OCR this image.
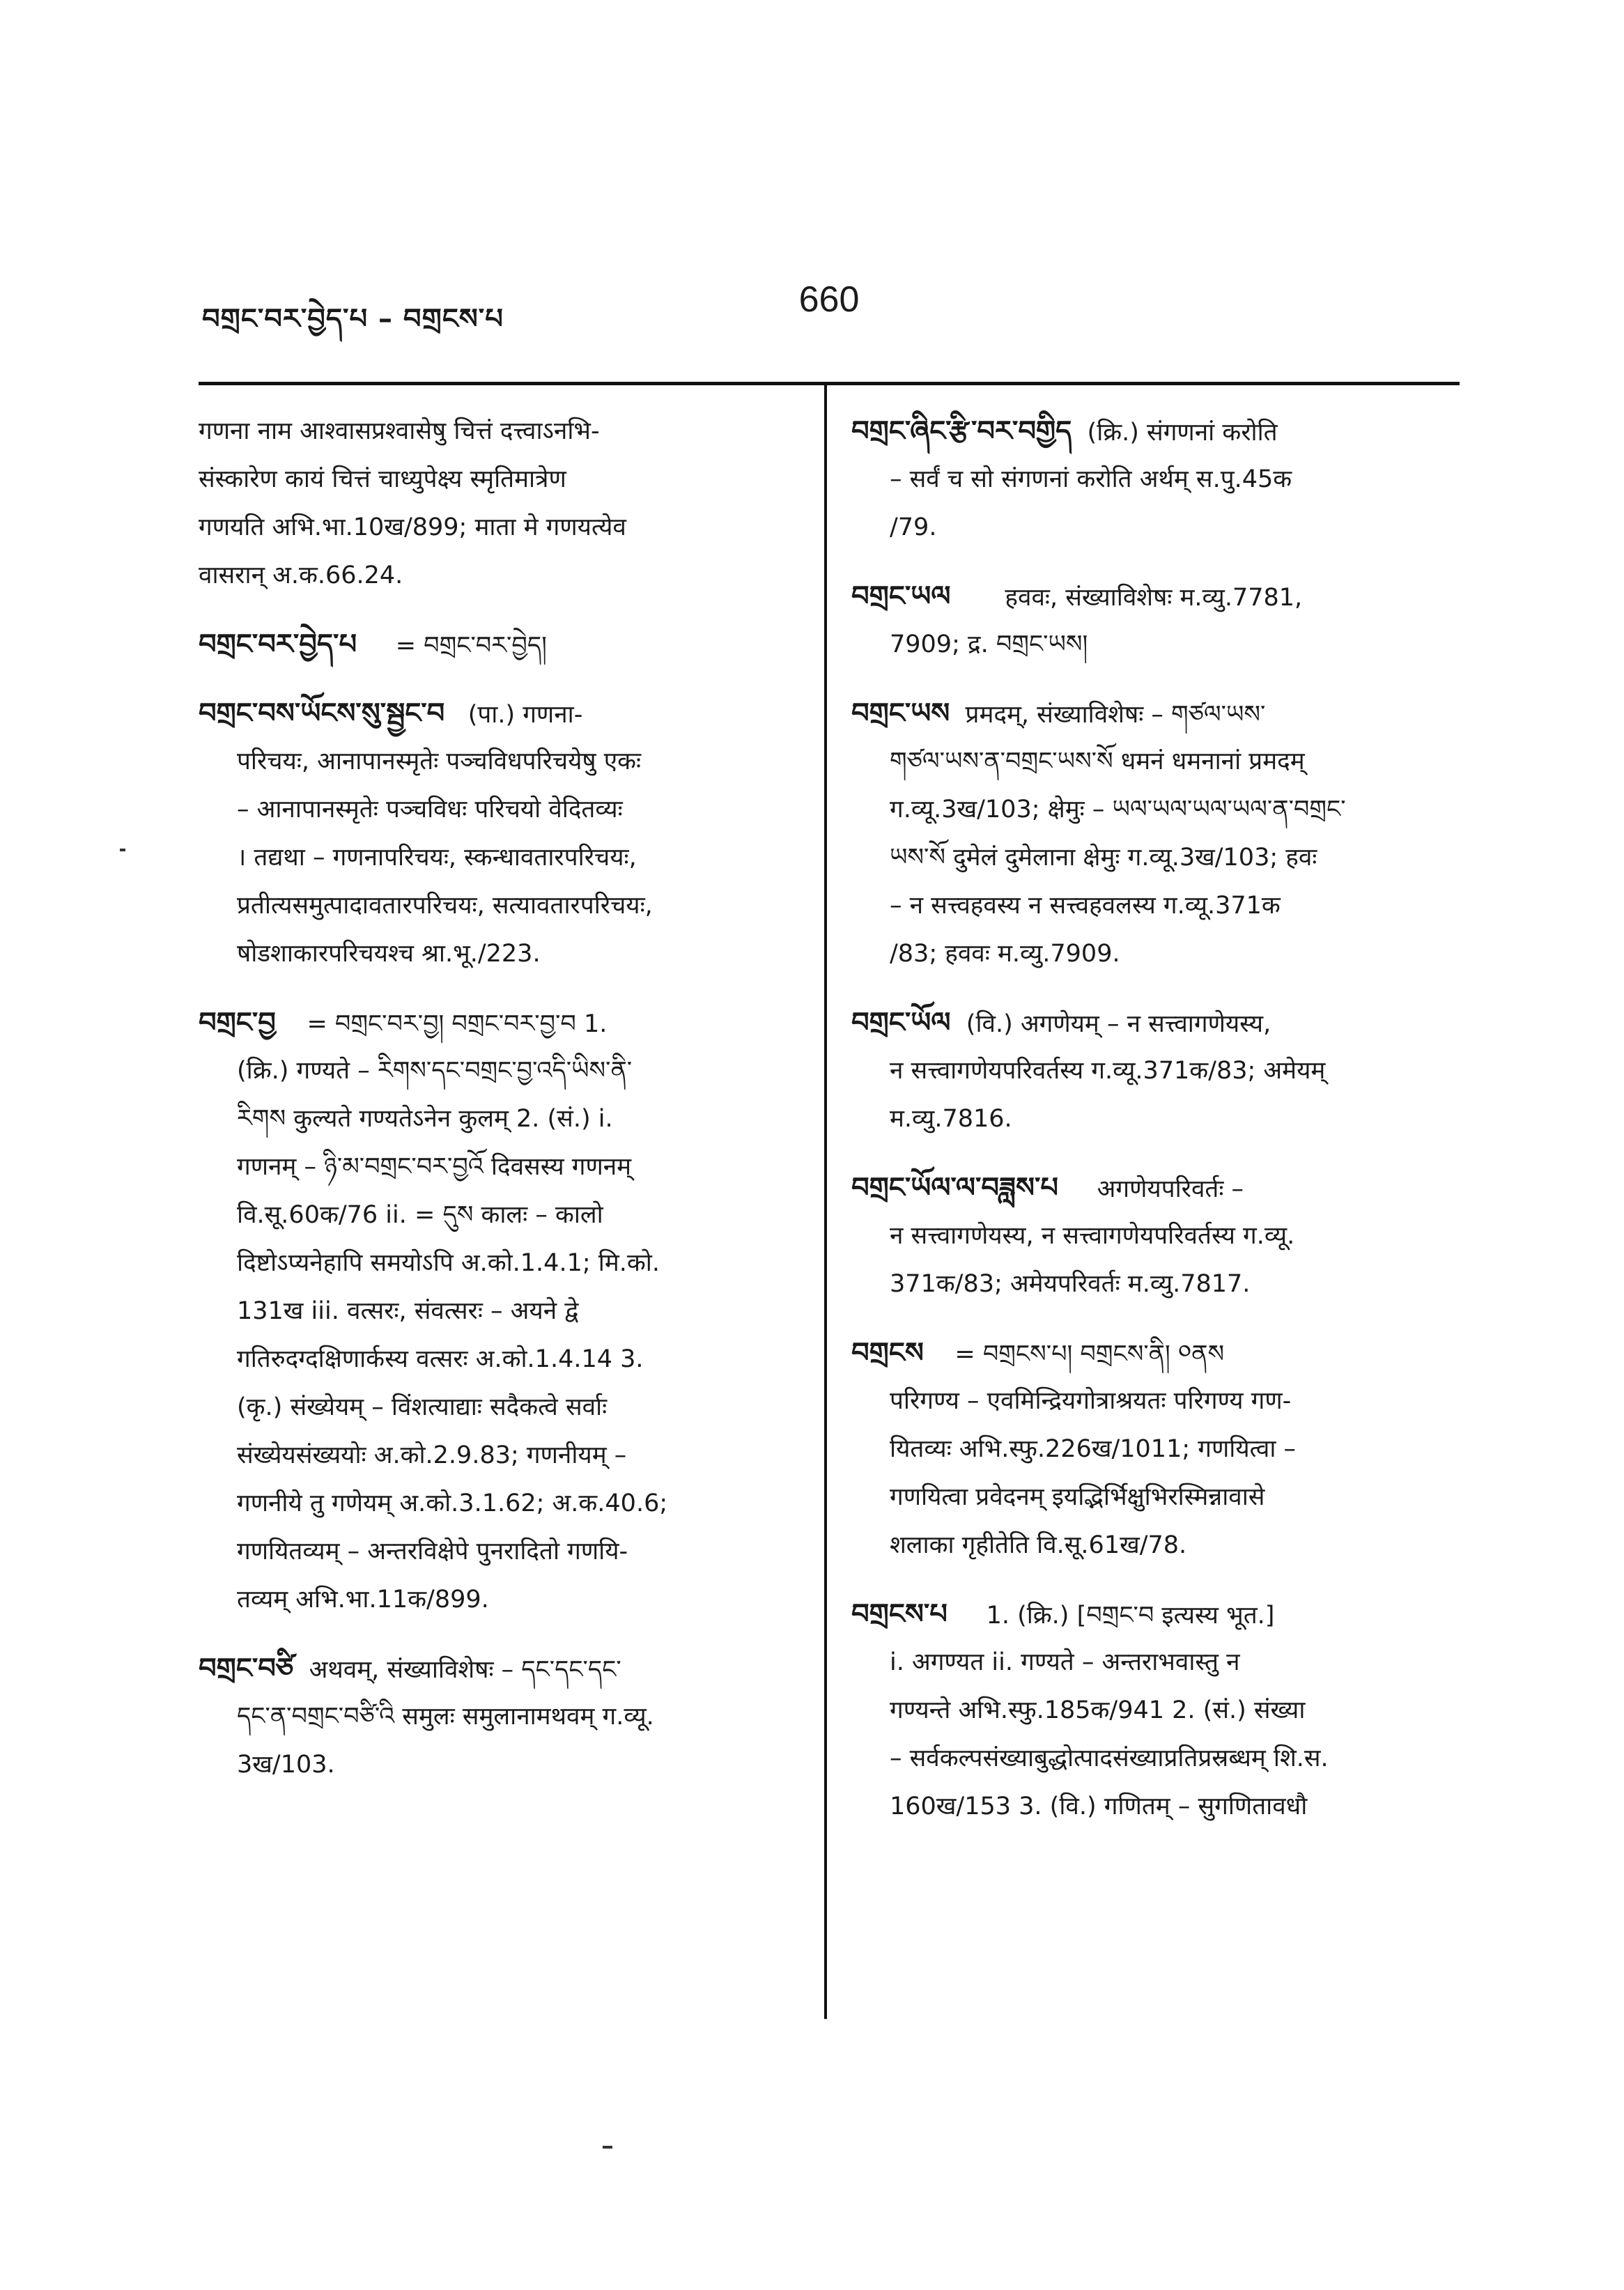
བགྲང་བར་བྱེད་པ – བགྲངས་པ	660
गणना नाम आश्वासप्रश्वासेषु चित्तं दत्त्वाऽनभि-
संस्कारेण कायं चित्तं चाध्युपेक्ष्य स्मृतिमात्रेण
गणयति अभि.भा.10ख/899; माता मे गणयत्येव
वासरान् अ.क.66.24.
བགྲང་བར་བྱེད་པ = བགྲང་བར་བྱེད།
བགྲང་བས་ཡོངས་སུ་སྦྱང་བ (पा.) गणना-
परिचयः, आनापानस्मृतेः पञ्चविधपरिचयेषु एकः
– आनापानस्मृतेः पञ्चविधः परिचयो वेदितव्यः
। तद्यथा – गणनापरिचयः, स्कन्धावतारपरिचयः,
प्रतीत्यसमुत्पादावतारपरिचयः, सत्यावतारपरिचयः,
षोडशाकारपरिचयश्च श्रा.भू./223.
བགྲང་བྱ = བགྲང་བར་བྱ། བགྲང་བར་བྱ་བ 1.
(क्रि.) गण्यते – རིགས་དང་བགྲང་བྱ་འདི་ཡིས་ནི་
རིགས कुल्यते गण्यतेऽनेन कुलम् 2. (सं.) i.
गणनम् – ཉི་མ་བགྲང་བར་བྱའོ दिवसस्य गणनम्
वि.सू.60क/76 ii. = དུས कालः – कालो
दिष्टोऽप्यनेहापि समयोऽपि अ.को.1.4.1; मि.को.
131ख iii. वत्सरः, संवत्सरः – अयने द्वे
गतिरुदग्दक्षिणार्कस्य वत्सरः अ.को.1.4.14 3.
(कृ.) संख्येयम् – विंशत्याद्याः सदैकत्वे सर्वाः
संख्येयसंख्ययोः अ.को.2.9.83; गणनीयम् –
गणनीये तु गणेयम् अ.को.3.1.62; अ.क.40.6;
गणयितव्यम् – अन्तरविक्षेपे पुनरादितो गणयि-
तव्यम् अभि.भा.11क/899.
བགྲང་བཙི अथवम्, संख्याविशेषः – དང་དང་དང་
དང་ན་བགྲང་བཙི་འི समुलः समुलानामथवम् ग.व्यू.
3ख/103.
བགྲང་ཞིང་རྩི་བར་བགྱིད (क्रि.) संगणनां करोति
– सर्वं च सो संगणनां करोति अर्थम् स.पु.45क
/79.
བགྲང་ཡལ हववः, संख्याविशेषः म.व्यु.7781,
7909; द्र. བགྲང་ཡས།
བགྲང་ཡས प्रमदम्, संख्याविशेषः – གཙལ་ཡས་
གཙལ་ཡས་ན་བགྲང་ཡས་སོ धमनं धमनानां प्रमदम्
ग.व्यू.3ख/103; क्षेमुः – ཡལ་ཡལ་ཡལ་ཡལ་ན་བགྲང་
ཡས་སོ दुमेलं दुमेलाना क्षेमुः ग.व्यू.3ख/103; हवः
– न सत्त्वहवस्य न सत्त्वहवलस्य ग.व्यू.371क
/83; हववः म.व्यु.7909.
བགྲང་ཡོལ (वि.) अगणेयम् – न सत्त्वागणेयस्य,
न सत्त्वागणेयपरिवर्तस्य ग.व्यू.371क/83; अमेयम्
म.व्यु.7816.
བགྲང་ཡོལ་ལ་བཟླས་པ अगणेयपरिवर्तः –
न सत्त्वागणेयस्य, न सत्त्वागणेयपरिवर्तस्य ग.व्यू.
371क/83; अमेयपरिवर्तः म.व्यु.7817.
བགྲངས = བགྲངས་པ། བགྲངས་ནི། ༠ནས
परिगण्य – एवमिन्द्रियगोत्राश्रयतः परिगण्य गण-
यितव्यः अभि.स्फु.226ख/1011; गणयित्वा –
गणयित्वा प्रवेदनम् इयद्भिर्भिक्षुभिरस्मिन्नावासे
शलाका गृहीतेति वि.सू.61ख/78.
བགྲངས་པ 1. (क्रि.) [བགྲང་བ इत्यस्य भूत.]
i. अगण्यत ii. गण्यते – अन्तराभवास्तु न
गण्यन्ते अभि.स्फु.185क/941 2. (सं.) संख्या
– सर्वकल्पसंख्याबुद्धोत्पादसंख्याप्रतिप्रस्रब्धम् शि.स.
160ख/153 3. (वि.) गणितम् – सुगणितावधौ
